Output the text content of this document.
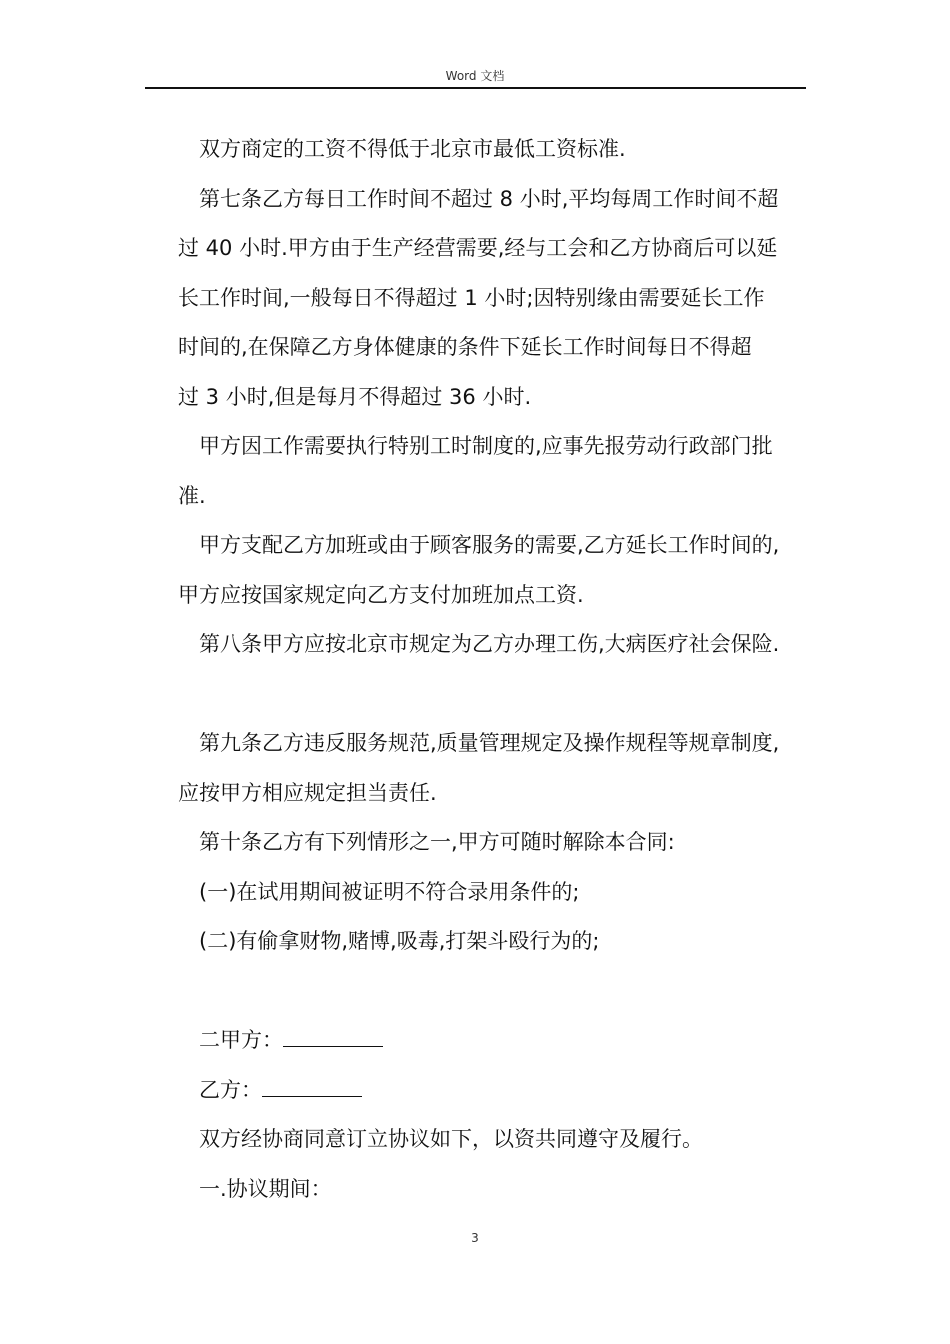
Word 文档

双方商定的工资不得低于北京市最低工资标准.

第七条乙方每日工作时间不超过 8 小时,平均每周工作时间不超

过 40 小时.甲方由于生产经营需要,经与工会和乙方协商后可以延

长工作时间,一般每日不得超过 1 小时;因特别缘由需要延长工作

时间的,在保障乙方身体健康的条件下延长工作时间每日不得超

过 3 小时,但是每月不得超过 36 小时.

甲方因工作需要执行特别工时制度的,应事先报劳动行政部门批

准.

甲方支配乙方加班或由于顾客服务的需要,乙方延长工作时间的,

甲方应按国家规定向乙方支付加班加点工资.

第八条甲方应按北京市规定为乙方办理工伤,大病医疗社会保险.

第九条乙方违反服务规范,质量管理规定及操作规程等规章制度,

应按甲方相应规定担当责任.

第十条乙方有下列情形之一,甲方可随时解除本合同:

(一)在试用期间被证明不符合录用条件的;

(二)有偷拿财物,赌博,吸毒,打架斗殴行为的;

二甲方：

乙方：

双方经协商同意订立协议如下，以资共同遵守及履行。

一.协议期间：

3
